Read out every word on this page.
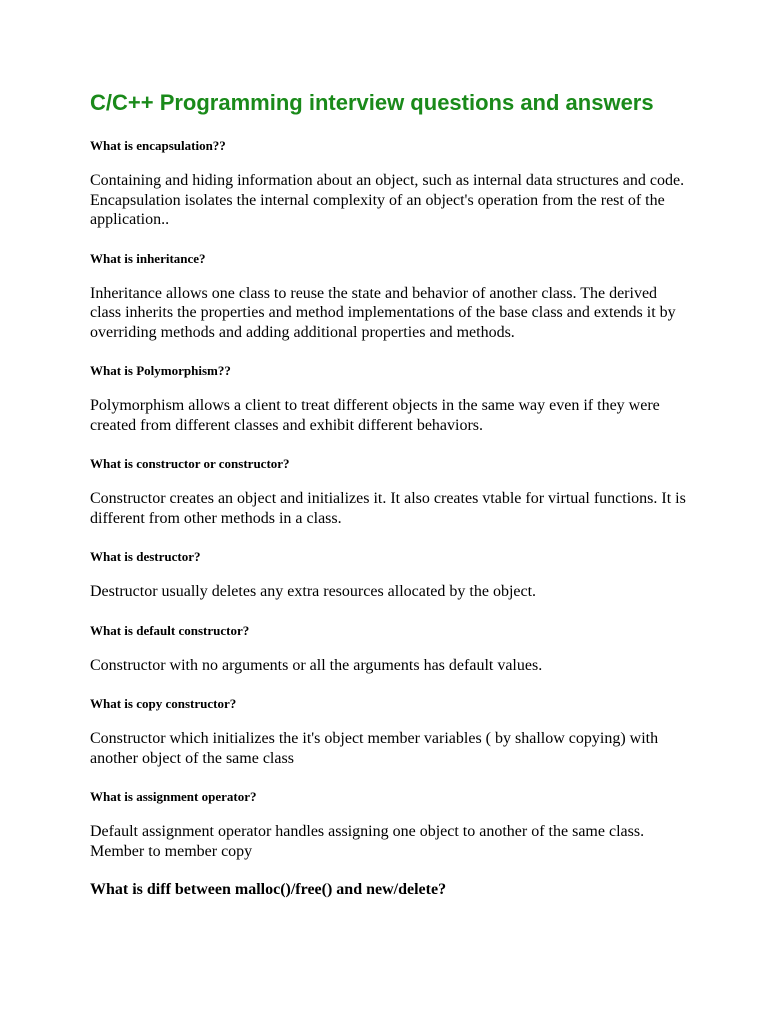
C/C++ Programming interview questions and answers

What is encapsulation??

Containing and hiding information about an object, such as internal data structures and code. Encapsulation isolates the internal complexity of an object's operation from the rest of the application..

What is inheritance?

Inheritance allows one class to reuse the state and behavior of another class. The derived class inherits the properties and method implementations of the base class and extends it by overriding methods and adding additional properties and methods.

What is Polymorphism??

Polymorphism allows a client to treat different objects in the same way even if they were created from different classes and exhibit different behaviors.

What is constructor or constructor?

Constructor creates an object and initializes it. It also creates vtable for virtual functions. It is different from other methods in a class.

What is destructor?

Destructor usually deletes any extra resources allocated by the object.

What is default constructor?

Constructor with no arguments or all the arguments has default values.

What is copy constructor?

Constructor which initializes the it's object member variables ( by shallow copying) with another object of the same class

What is assignment operator?

Default assignment operator handles assigning one object to another of the same class. Member to member copy

What is diff between malloc()/free() and new/delete?
